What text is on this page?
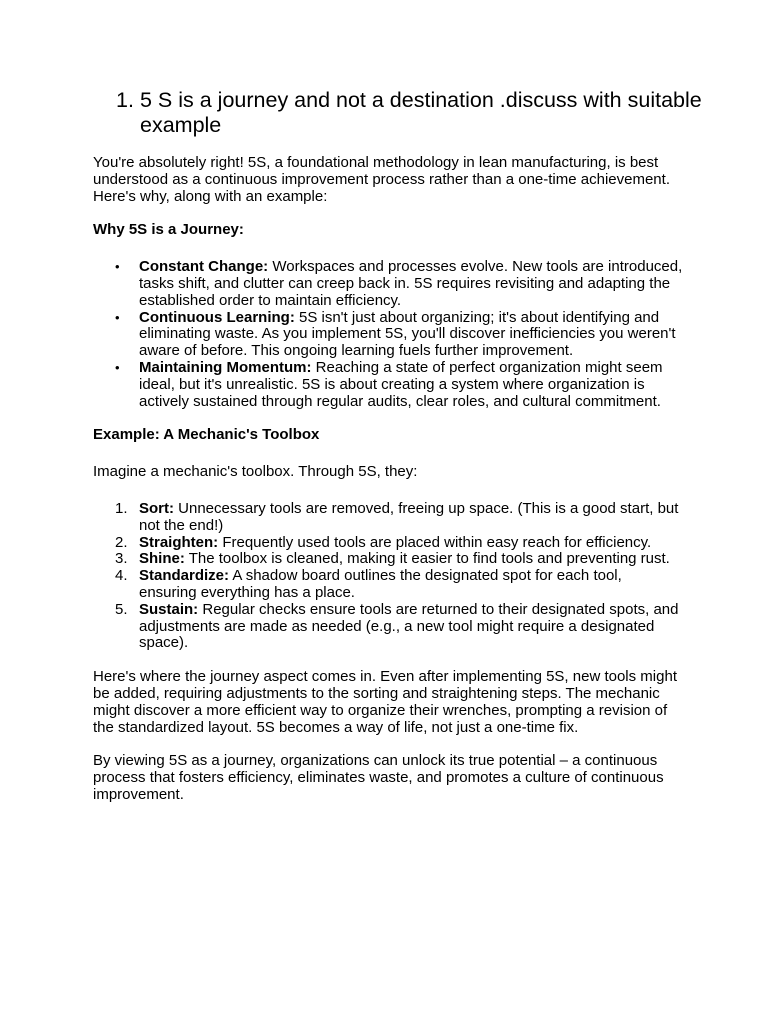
1. 5 S is a journey and not a destination .discuss with suitable example

You're absolutely right! 5S, a foundational methodology in lean manufacturing, is best understood as a continuous improvement process rather than a one-time achievement. Here's why, along with an example:

Why 5S is a Journey:

• Constant Change: Workspaces and processes evolve. New tools are introduced, tasks shift, and clutter can creep back in. 5S requires revisiting and adapting the established order to maintain efficiency.
• Continuous Learning: 5S isn't just about organizing; it's about identifying and eliminating waste. As you implement 5S, you'll discover inefficiencies you weren't aware of before. This ongoing learning fuels further improvement.
• Maintaining Momentum: Reaching a state of perfect organization might seem ideal, but it's unrealistic. 5S is about creating a system where organization is actively sustained through regular audits, clear roles, and cultural commitment.

Example: A Mechanic's Toolbox

Imagine a mechanic's toolbox. Through 5S, they:

1. Sort: Unnecessary tools are removed, freeing up space. (This is a good start, but not the end!)
2. Straighten: Frequently used tools are placed within easy reach for efficiency.
3. Shine: The toolbox is cleaned, making it easier to find tools and preventing rust.
4. Standardize: A shadow board outlines the designated spot for each tool, ensuring everything has a place.
5. Sustain: Regular checks ensure tools are returned to their designated spots, and adjustments are made as needed (e.g., a new tool might require a designated space).

Here's where the journey aspect comes in. Even after implementing 5S, new tools might be added, requiring adjustments to the sorting and straightening steps. The mechanic might discover a more efficient way to organize their wrenches, prompting a revision of the standardized layout. 5S becomes a way of life, not just a one-time fix.

By viewing 5S as a journey, organizations can unlock its true potential – a continuous process that fosters efficiency, eliminates waste, and promotes a culture of continuous improvement.
